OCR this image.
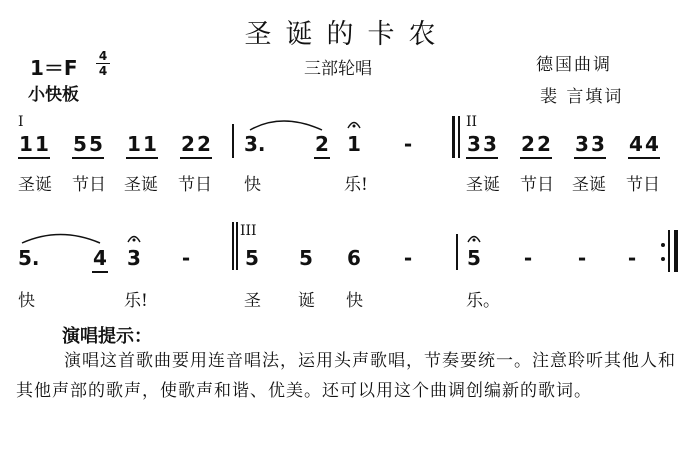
圣诞的卡农
1＝F 4
4
小快板
三部轮唱	德国曲调
裴 言填词
I	II
III
1 1 5 5 1 1 2 2 3. 2 1 -	3 3 2 2 3 3 4 4
圣诞 节日 圣诞 节日 快	乐!	圣诞 节日 圣诞 节日
5.	4 3 -	5 5 6 -	5 - - -
快	乐!	圣 诞 快	乐。
演唱提示：
演唱这首歌曲要用连音唱法，运用头声歌唱，节奏要统一。注意聆听其他人和其他声部的歌声，使歌声和谐、优美。还可以用这个曲调创编新的歌词。
